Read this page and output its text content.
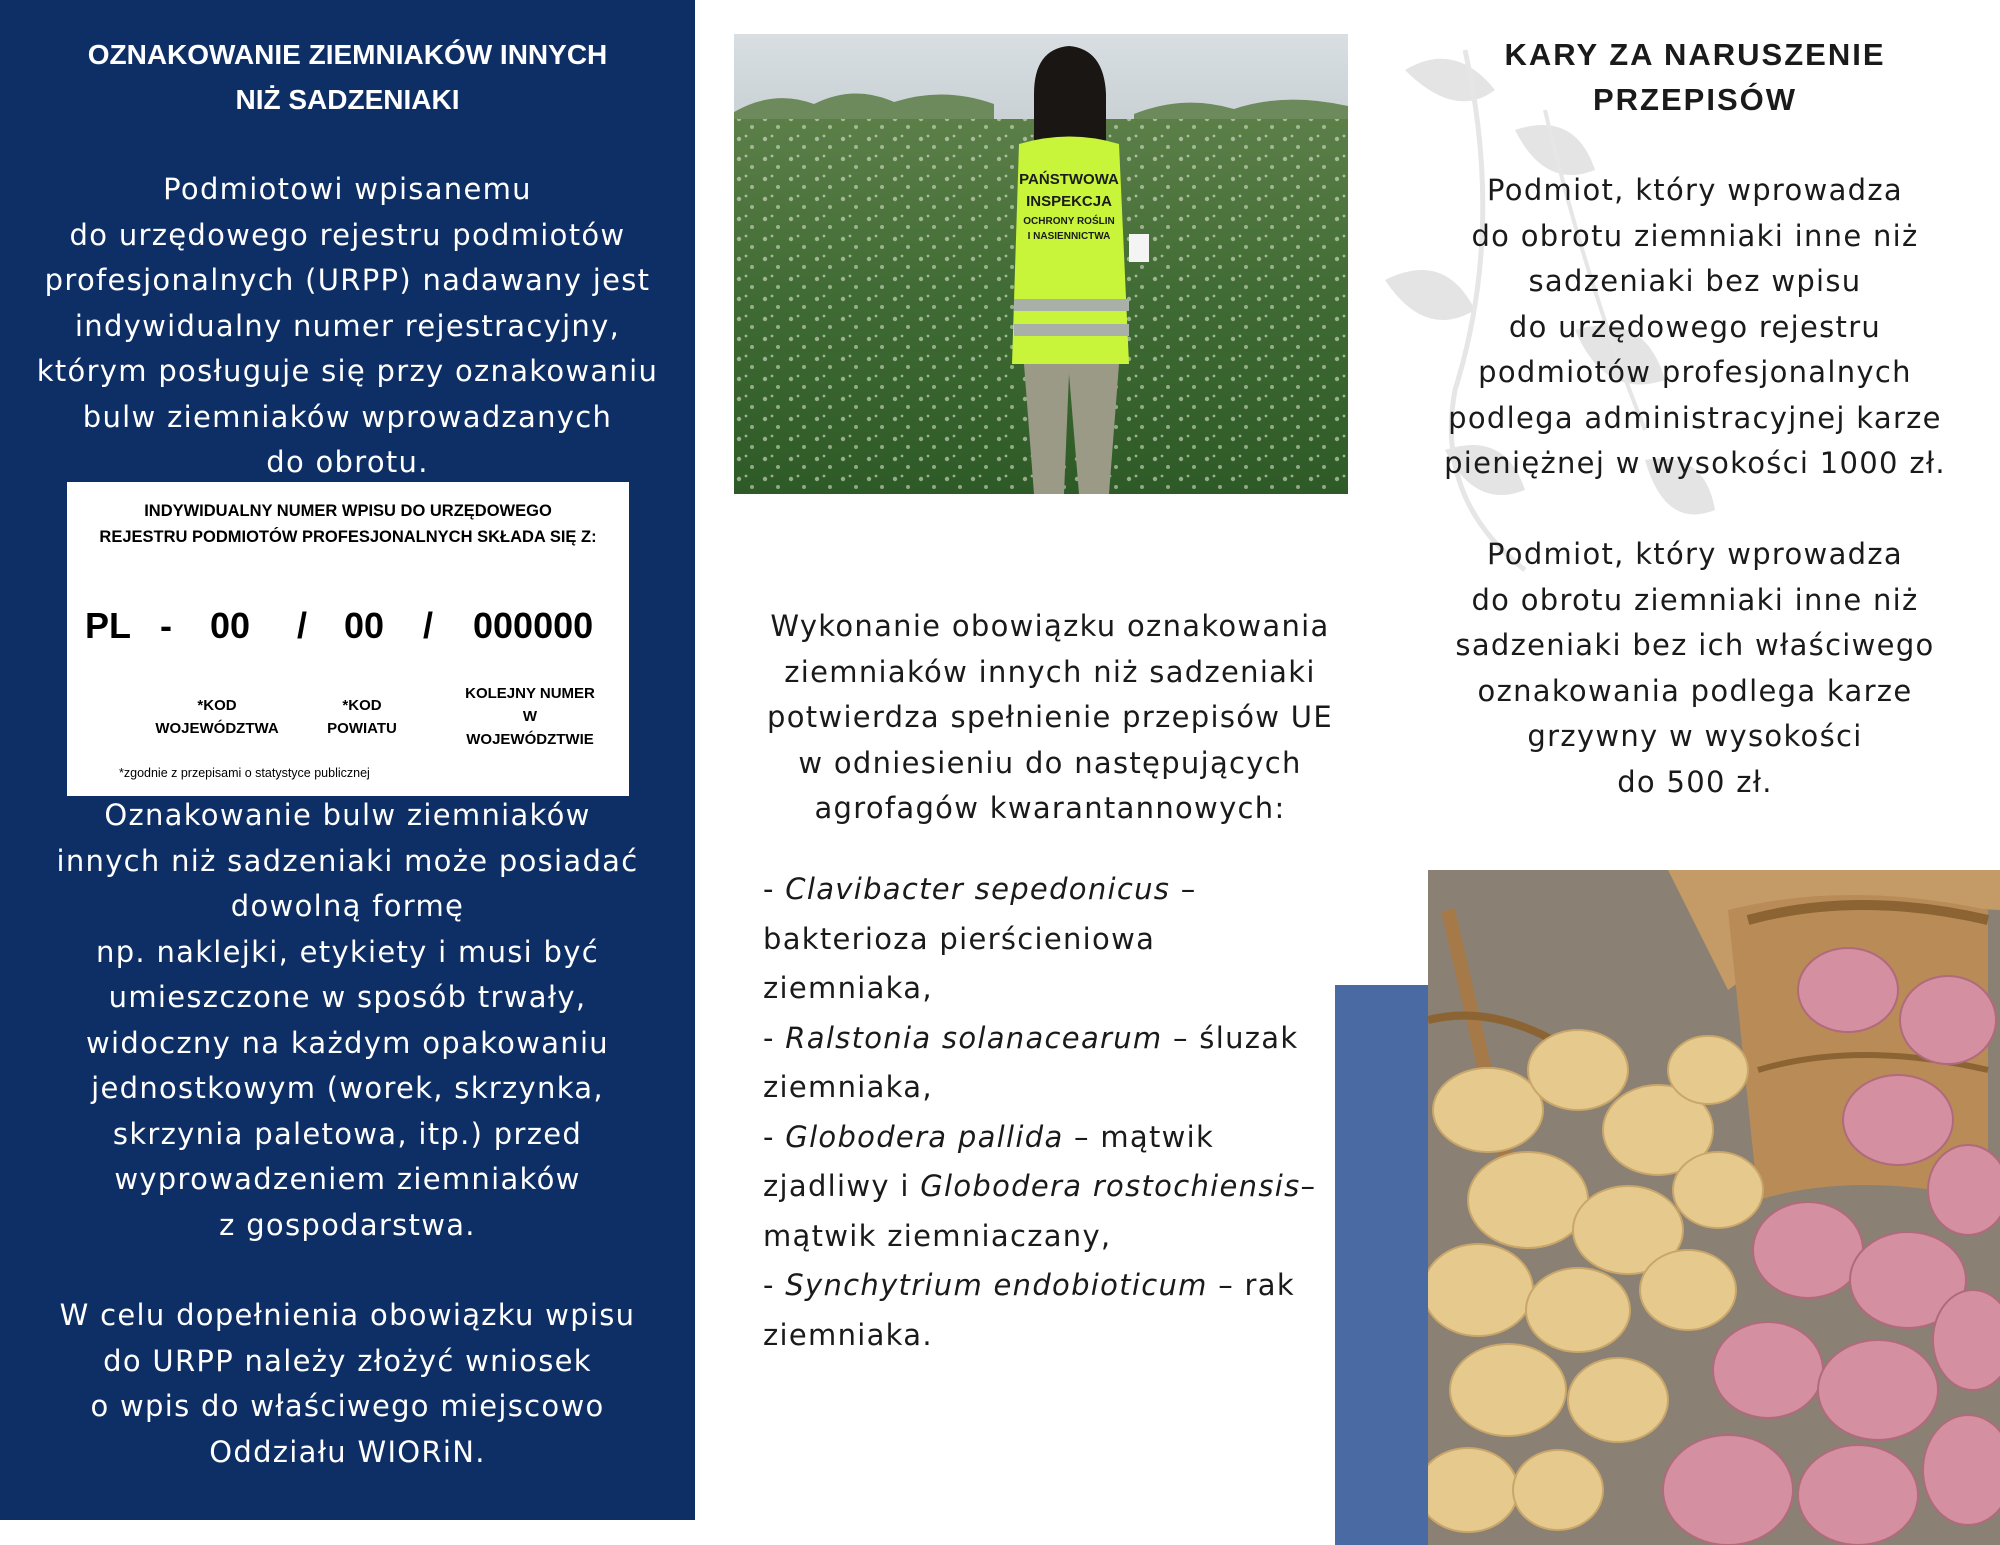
OZNAKOWANIE ZIEMNIAKÓW INNYCH
NIŻ SADZENIAKI
Podmiotowi wpisanemu
do urzędowego rejestru podmiotów
profesjonalnych (URPP) nadawany jest
indywidualny numer rejestracyjny,
którym posługuje się przy oznakowaniu
bulw ziemniaków wprowadzanych
do obrotu.
Oznakowanie bulw ziemniaków
innych niż sadzeniaki może posiadać
dowolną formę
np. naklejki, etykiety i musi być
umieszczone w sposób trwały,
widoczny na każdym opakowaniu
jednostkowym (worek, skrzynka,
skrzynia paletowa, itp.) przed
wyprowadzeniem ziemniaków
z gospodarstwa.
W celu dopełnienia obowiązku wpisu
do URPP należy złożyć wniosek
o wpis do właściwego miejscowo
Oddziału WIORiN.
INDYWIDUALNY NUMER WPISU DO URZĘDOWEGO
REJESTRU PODMIOTÓW PROFESJONALNYCH SKŁADA SIĘ Z:
PL - 00 / 00 / 000000
*KOD
WOJEWÓDZTWA
*KOD
POWIATU
KOLEJNY NUMER
W
WOJEWÓDZTWIE
*zgodnie z przepisami o statystyce publicznej
PAŃSTWOWA
INSPEKCJA
OCHRONY ROŚLIN
I NASIENNICTWA
Wykonanie obowiązku oznakowania
ziemniaków innych niż sadzeniaki
potwierdza spełnienie przepisów UE
w odniesieniu do następujących
agrofagów kwarantannowych:
- Clavibacter sepedonicus – bakterioza pierścieniowa ziemniaka,
- Ralstonia solanacearum – śluzak ziemniaka,
- Globodera pallida – mątwik zjadliwy i Globodera rostochiensis– mątwik ziemniaczany,
- Synchytrium endobioticum – rak ziemniaka.
KARY ZA NARUSZENIE
PRZEPISÓW
Podmiot, który wprowadza
do obrotu ziemniaki inne niż
sadzeniaki bez wpisu
do urzędowego rejestru
podmiotów profesjonalnych
podlega administracyjnej karze
pieniężnej w wysokości 1000 zł.
Podmiot, który wprowadza
do obrotu ziemniaki inne niż
sadzeniaki bez ich właściwego
oznakowania podlega karze
grzywny w wysokości
do 500 zł.
